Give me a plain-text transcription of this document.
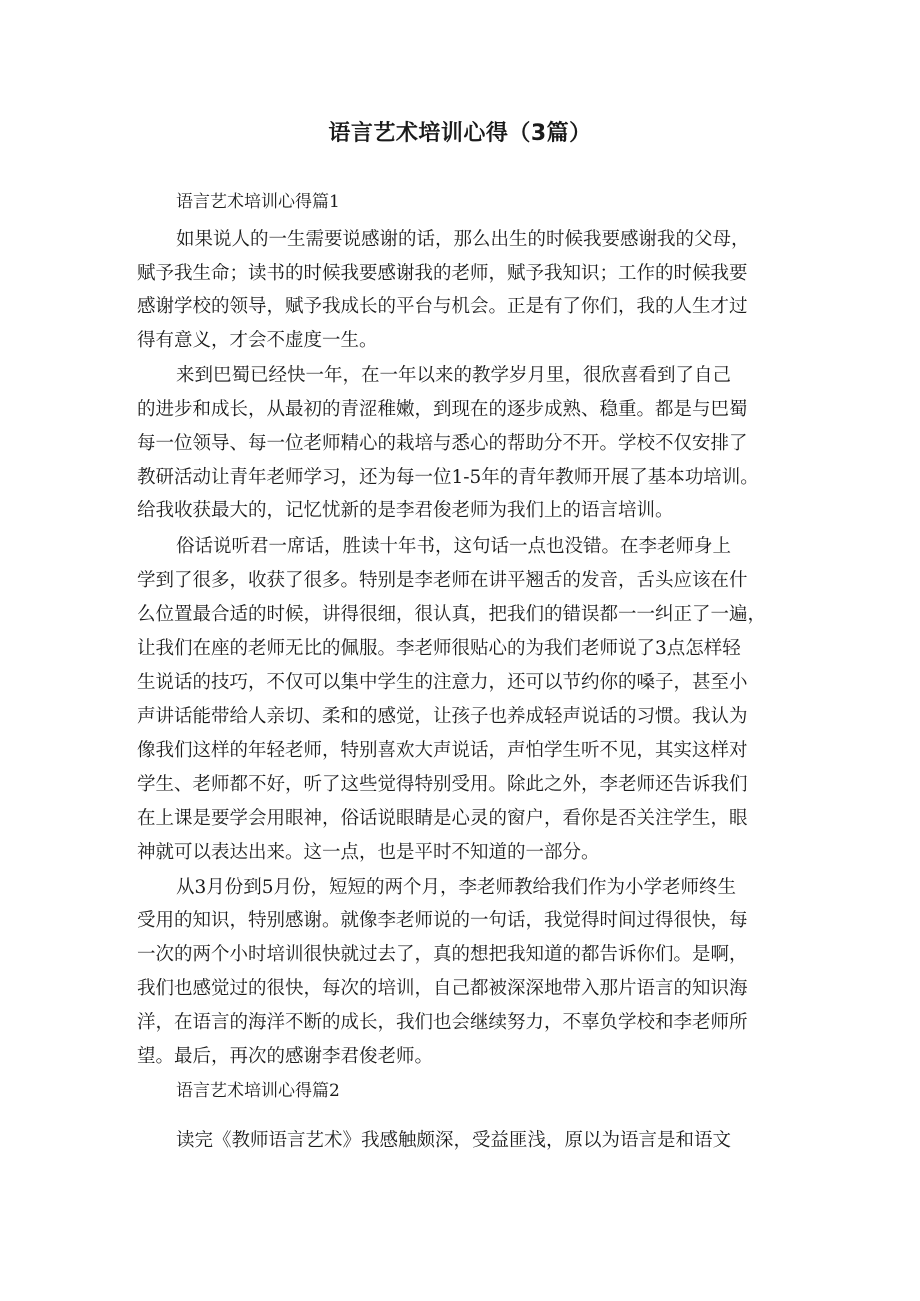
语言艺术培训心得（3篇）
语言艺术培训心得篇1
如果说人的一生需要说感谢的话，那么出生的时候我要感谢我的父母，
赋予我生命；读书的时候我要感谢我的老师，赋予我知识；工作的时候我要
感谢学校的领导，赋予我成长的平台与机会。正是有了你们，我的人生才过
得有意义，才会不虚度一生。
来到巴蜀已经快一年，在一年以来的教学岁月里，很欣喜看到了自己
的进步和成长，从最初的青涩稚嫩，到现在的逐步成熟、稳重。都是与巴蜀
每一位领导、每一位老师精心的栽培与悉心的帮助分不开。学校不仅安排了
教研活动让青年老师学习，还为每一位1-5年的青年教师开展了基本功培训。
给我收获最大的，记忆忧新的是李君俊老师为我们上的语言培训。
俗话说听君一席话，胜读十年书，这句话一点也没错。在李老师身上
学到了很多，收获了很多。特别是李老师在讲平翘舌的发音，舌头应该在什
么位置最合适的时候，讲得很细，很认真，把我们的错误都一一纠正了一遍，
让我们在座的老师无比的佩服。李老师很贴心的为我们老师说了3点怎样轻
生说话的技巧，不仅可以集中学生的注意力，还可以节约你的嗓子，甚至小
声讲话能带给人亲切、柔和的感觉，让孩子也养成轻声说话的习惯。我认为
像我们这样的年轻老师，特别喜欢大声说话，声怕学生听不见，其实这样对
学生、老师都不好，听了这些觉得特别受用。除此之外，李老师还告诉我们
在上课是要学会用眼神，俗话说眼睛是心灵的窗户，看你是否关注学生，眼
神就可以表达出来。这一点，也是平时不知道的一部分。
从3月份到5月份，短短的两个月，李老师教给我们作为小学老师终生
受用的知识，特别感谢。就像李老师说的一句话，我觉得时间过得很快，每
一次的两个小时培训很快就过去了，真的想把我知道的都告诉你们。是啊，
我们也感觉过的很快，每次的培训，自己都被深深地带入那片语言的知识海
洋，在语言的海洋不断的成长，我们也会继续努力，不辜负学校和李老师所
望。最后，再次的感谢李君俊老师。
语言艺术培训心得篇2
读完《教师语言艺术》我感触颇深，受益匪浅，原以为语言是和语文
